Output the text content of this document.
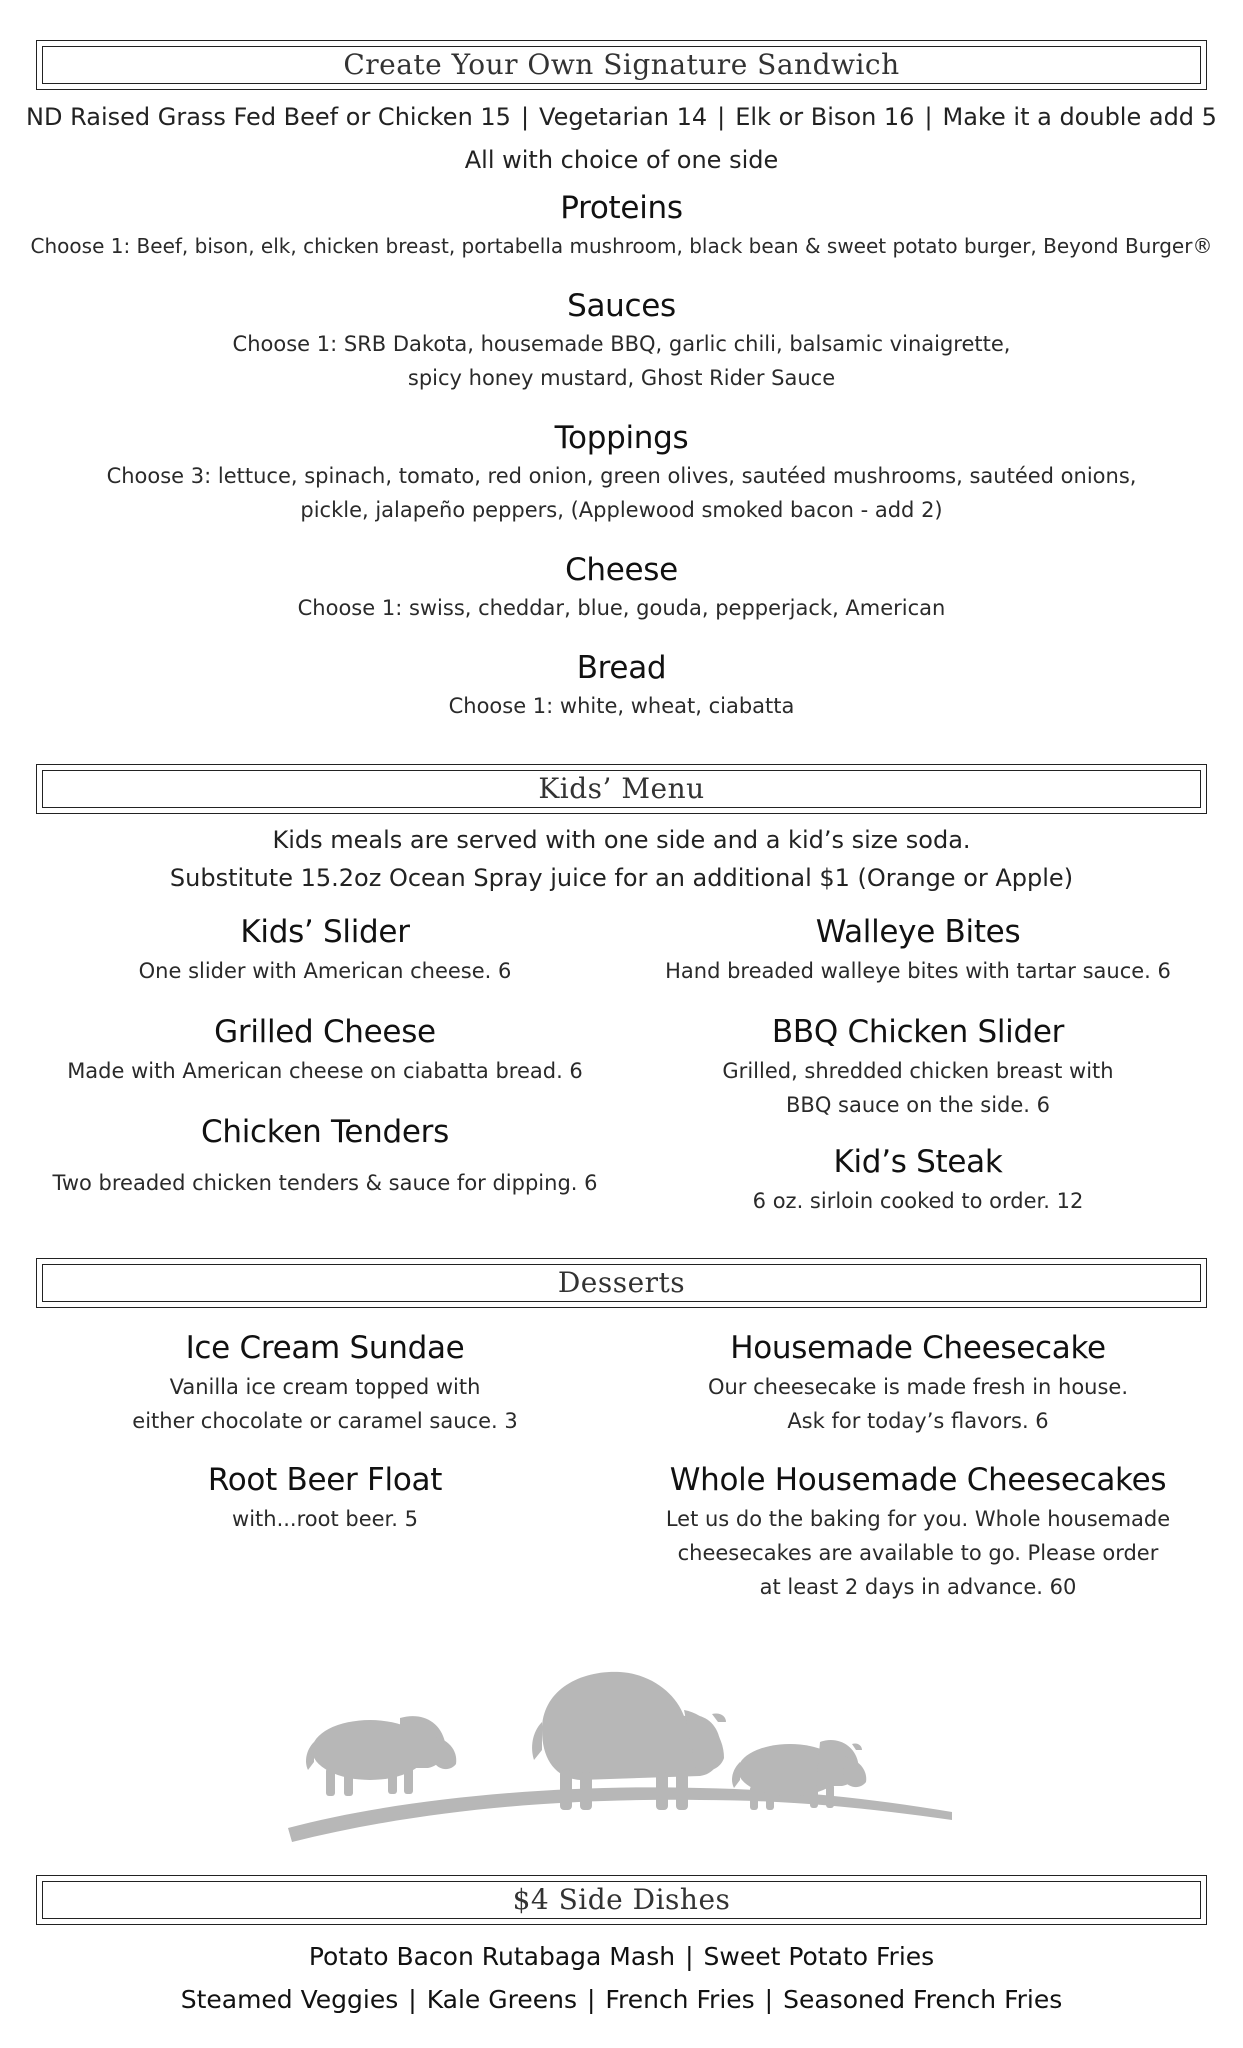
Create Your Own Signature Sandwich
ND Raised Grass Fed Beef or Chicken 15 | Vegetarian 14 | Elk or Bison 16 | Make it a double add 5
All with choice of one side
Proteins
Choose 1: Beef, bison, elk, chicken breast, portabella mushroom, black bean & sweet potato burger, Beyond Burger®
Sauces
Choose 1: SRB Dakota, housemade BBQ, garlic chili, balsamic vinaigrette,
spicy honey mustard, Ghost Rider Sauce
Toppings
Choose 3: lettuce, spinach, tomato, red onion, green olives, sautéed mushrooms, sautéed onions,
pickle, jalapeño peppers, (Applewood smoked bacon - add 2)
Cheese
Choose 1: swiss, cheddar, blue, gouda, pepperjack, American
Bread
Choose 1: white, wheat, ciabatta
Kids’ Menu
Kids meals are served with one side and a kid’s size soda.
Substitute 15.2oz Ocean Spray juice for an additional $1 (Orange or Apple)
Kids’ Slider
One slider with American cheese. 6
Grilled Cheese
Made with American cheese on ciabatta bread. 6
Chicken Tenders
Two breaded chicken tenders & sauce for dipping. 6
Walleye Bites
Hand breaded walleye bites with tartar sauce. 6
BBQ Chicken Slider
Grilled, shredded chicken breast with
BBQ sauce on the side. 6
Kid’s Steak
6 oz. sirloin cooked to order. 12
Desserts
Ice Cream Sundae
Vanilla ice cream topped with
either chocolate or caramel sauce. 3
Root Beer Float
with...root beer. 5
Housemade Cheesecake
Our cheesecake is made fresh in house.
Ask for today’s flavors. 6
Whole Housemade Cheesecakes
Let us do the baking for you. Whole housemade
cheesecakes are available to go. Please order
at least 2 days in advance. 60
$4 Side Dishes
Potato Bacon Rutabaga Mash | Sweet Potato Fries
Steamed Veggies | Kale Greens | French Fries | Seasoned French Fries
